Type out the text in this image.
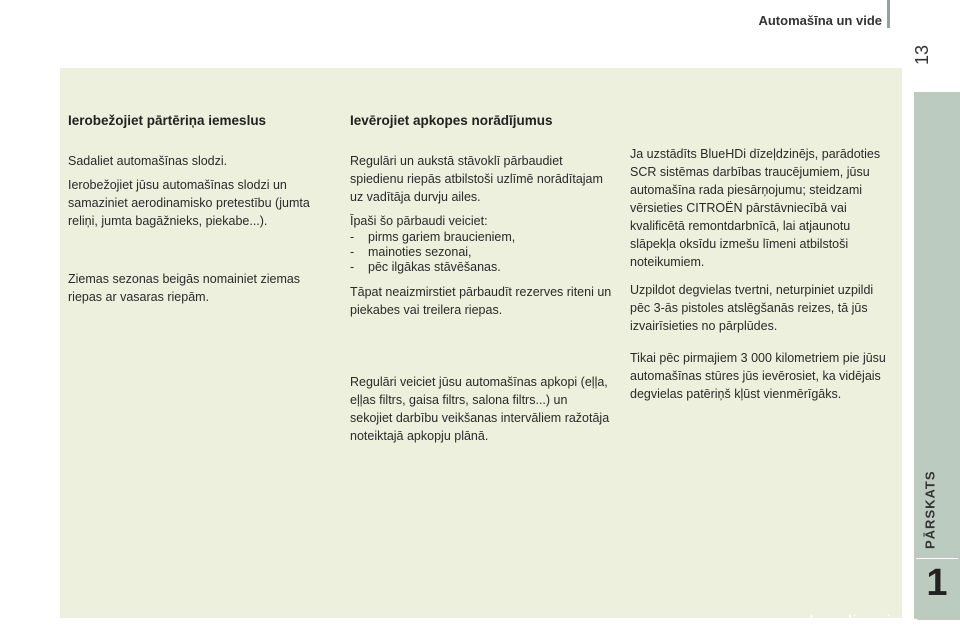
Automašīna un vide
13
PĀRSKATS
1
Ierobežojiet pārtēriņa iemeslus

Sadaliet automašīnas slodzi.

Ierobežojiet jūsu automašīnas slodzi un samaziniet aerodinamisko pretestību (jumta reliņi, jumta bagāžnieks, piekabe...).

Ziemas sezonas beigās nomainiet ziemas riepas ar vasaras riepām.

Ievērojiet apkopes norādījumus

Regulāri un aukstā stāvoklī pārbaudiet spiedienu riepās atbilstoši uzlīmē norādītajam uz vadītāja durvju ailes.

Īpaši šo pārbaudi veiciet:

- pirms gariem braucieniem,
- mainoties sezonai,
- pēc ilgākas stāvēšanas.

Tāpat neaizmirstiet pārbaudīt rezerves riteni un piekabes vai treilera riepas.

Regulāri veiciet jūsu automašīnas apkopi (eļļa, eļļas filtrs, gaisa filtrs, salona filtrs...) un sekojiet darbību veikšanas intervāliem ražotāja noteiktajā apkopju plānā.

Ja uzstādīts BlueHDi dīzeļdzinējs, parādoties SCR sistēmas darbības traucējumiem, jūsu automašīna rada piesārņojumu; steidzami vērsieties CITROËN pārstāvniecībā vai kvalificētā remontdarbnīcā, lai atjaunotu slāpekļa oksīdu izmešu līmeni atbilstoši noteikumiem.

Uzpildot degvielas tvertni, neturpiniet uzpildi pēc 3-ās pistoles atslēgšanās reizes, tā jūs izvairīsieties no pārplūdes.

Tikai pēc pirmajiem 3 000 kilometriem pie jūsu automašīnas stūres jūs ievērosiet, ka vidējais degvielas patēriņš kļūst vienmērīgāks.

carmanualsonline.info
